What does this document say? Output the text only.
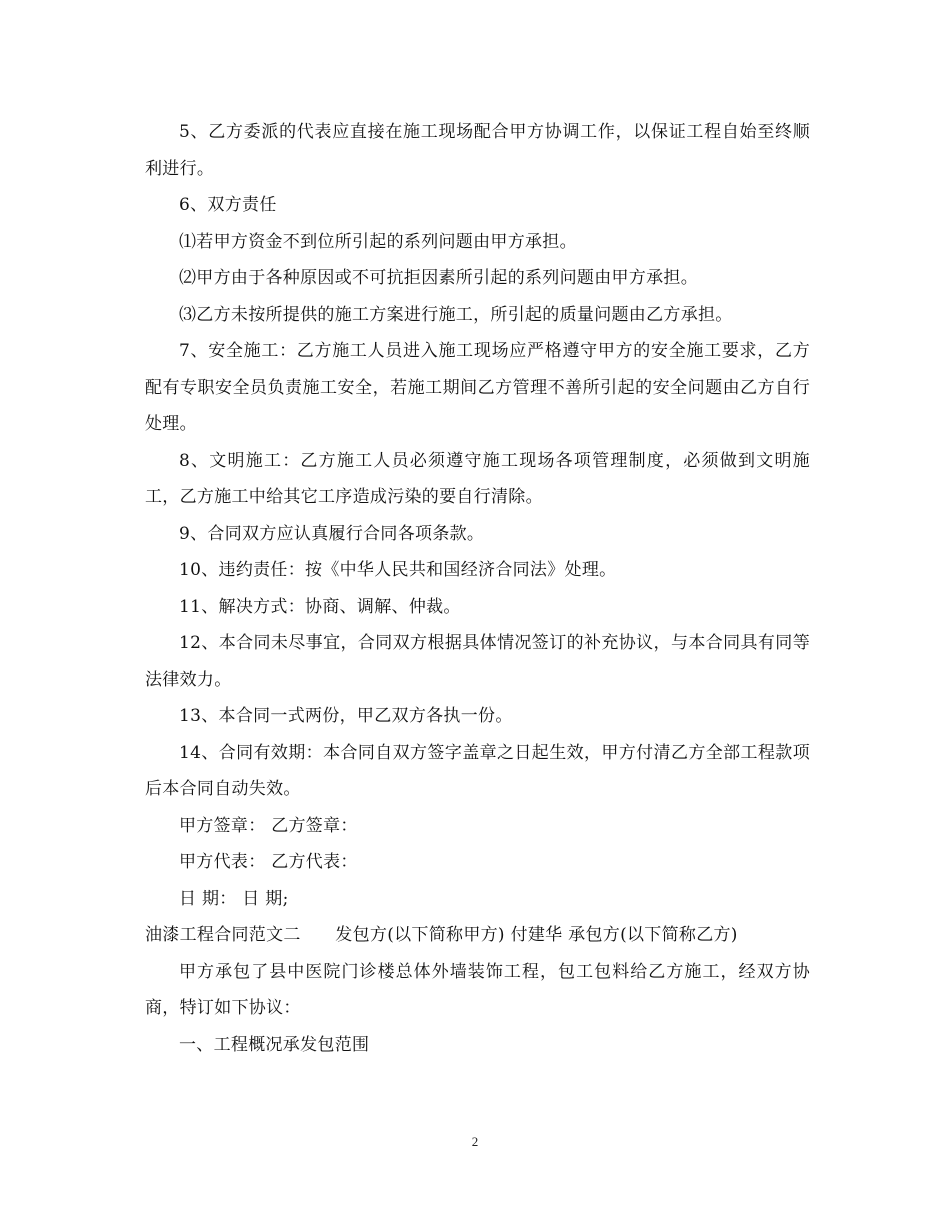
5、乙方委派的代表应直接在施工现场配合甲方协调工作，以保证工程自始至终顺利进行。

6、双方责任

⑴若甲方资金不到位所引起的系列问题由甲方承担。

⑵甲方由于各种原因或不可抗拒因素所引起的系列问题由甲方承担。

⑶乙方未按所提供的施工方案进行施工，所引起的质量问题由乙方承担。

7、安全施工：乙方施工人员进入施工现场应严格遵守甲方的安全施工要求，乙方配有专职安全员负责施工安全，若施工期间乙方管理不善所引起的安全问题由乙方自行处理。

8、文明施工：乙方施工人员必须遵守施工现场各项管理制度，必须做到文明施工，乙方施工中给其它工序造成污染的要自行清除。

9、合同双方应认真履行合同各项条款。

10、违约责任：按《中华人民共和国经济合同法》处理。

11、解决方式：协商、调解、仲裁。

12、本合同未尽事宜，合同双方根据具体情况签订的补充协议，与本合同具有同等法律效力。

13、本合同一式两份，甲乙双方各执一份。

14、合同有效期：本合同自双方签字盖章之日起生效，甲方付清乙方全部工程款项后本合同自动失效。

甲方签章： 乙方签章：

甲方代表： 乙方代表：

日 期： 日 期;

油漆工程合同范文二　　发包方(以下简称甲方) 付建华 承包方(以下简称乙方)

甲方承包了县中医院门诊楼总体外墙装饰工程，包工包料给乙方施工，经双方协商，特订如下协议：

一、工程概况承发包范围

2
